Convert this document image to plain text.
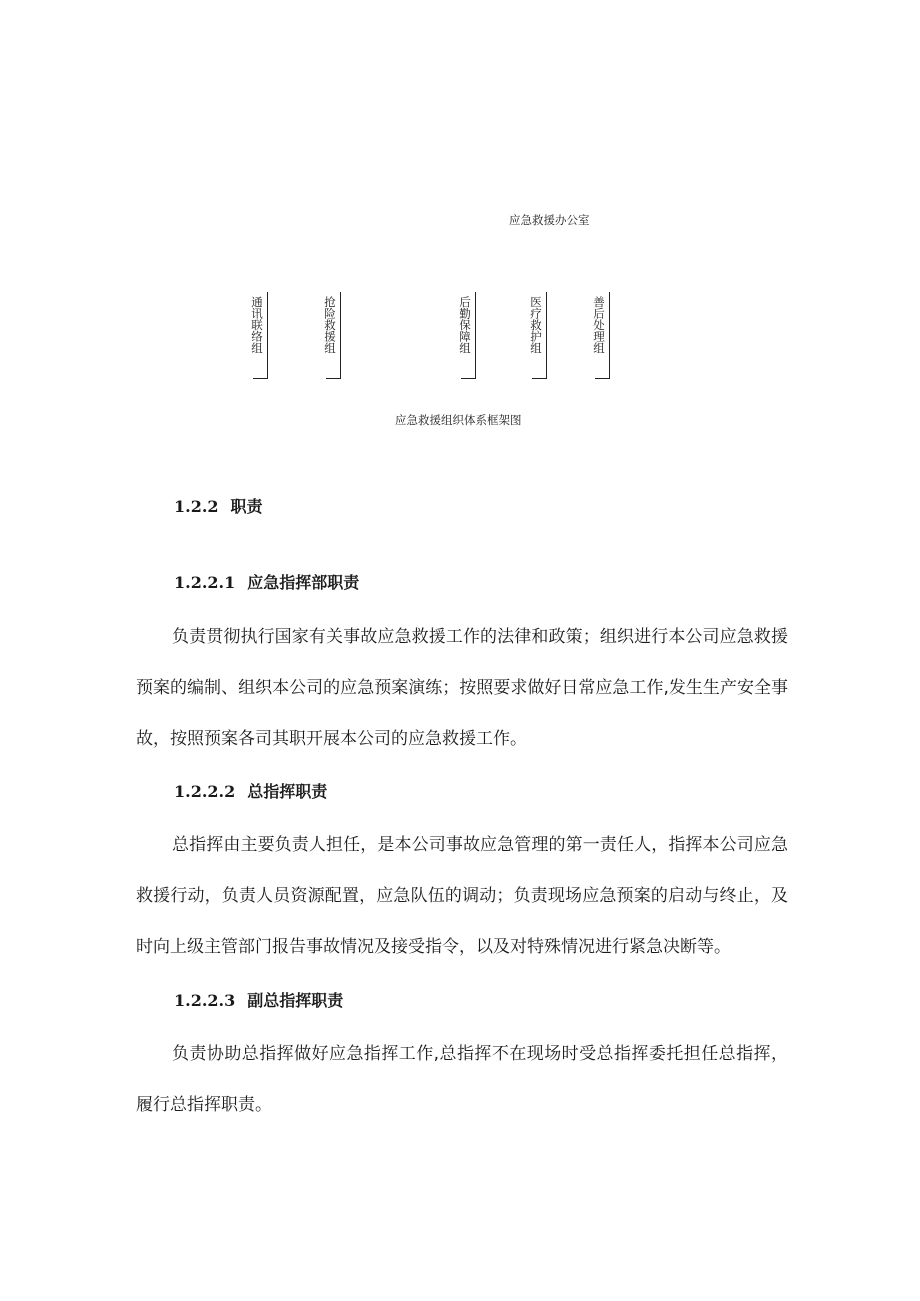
应急救援办公室
通讯联络组	抢险救援组	后勤保障组	医疗救护组	善后处理组
应急救援组织体系框架图
1.2.2 职责
1.2.2.1 应急指挥部职责

负责贯彻执行国家有关事故应急救援工作的法律和政策；组织进行本公司应急救援预案的编制、组织本公司的应急预案演练；按照要求做好日常应急工作,发生生产安全事故，按照预案各司其职开展本公司的应急救援工作。

1.2.2.2 总指挥职责

总指挥由主要负责人担任，是本公司事故应急管理的第一责任人，指挥本公司应急救援行动，负责人员资源配置，应急队伍的调动；负责现场应急预案的启动与终止，及时向上级主管部门报告事故情况及接受指令，以及对特殊情况进行紧急决断等。

1.2.2.3 副总指挥职责

负责协助总指挥做好应急指挥工作,总指挥不在现场时受总指挥委托担任总指挥，履行总指挥职责。
